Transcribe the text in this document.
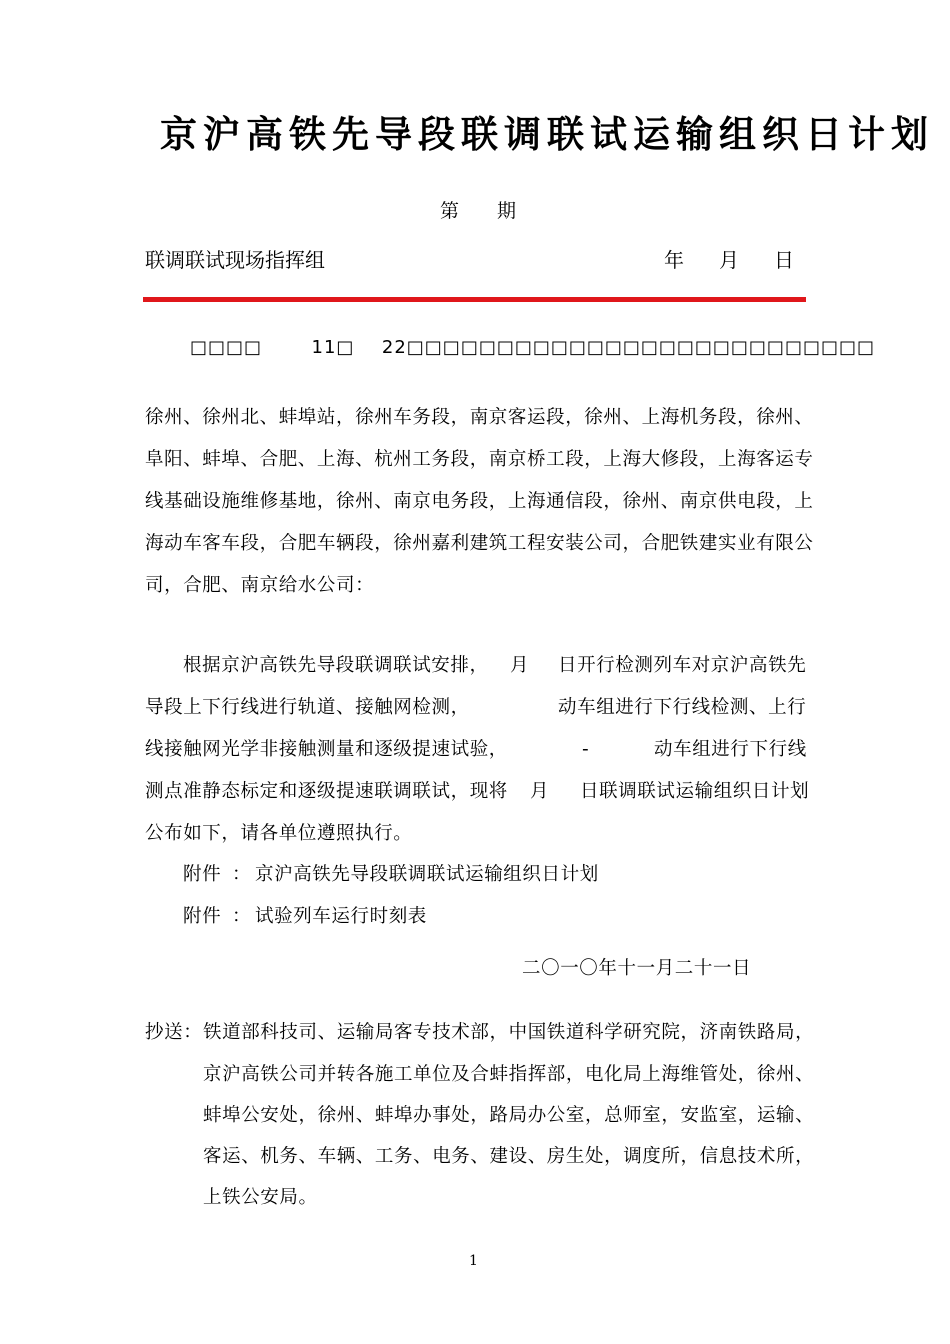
京沪高铁先导段联调联试运输组织日计划
第 期
联调联试现场指挥组	年 月 日
□□□□	11□ 22□□□□□□□□□□□□□□□□□□□□□□□□□□
徐州、徐州北、蚌埠站，徐州车务段，南京客运段，徐州、上海机务段，徐州、
阜阳、蚌埠、合肥、上海、杭州工务段，南京桥工段，上海大修段，上海客运专
线基础设施维修基地，徐州、南京电务段，上海通信段，徐州、南京供电段，上
海动车客车段，合肥车辆段，徐州嘉利建筑工程安装公司，合肥铁建实业有限公
司，合肥、南京给水公司：
根据京沪高铁先导段联调联试安排， 月 日开行检测列车对京沪高铁先
导段上下行线进行轨道、接触网检测，	动车组进行下行线检测、上行
线接触网光学非接触测量和逐级提速试验，	-	动车组进行下行线
测点准静态标定和逐级提速联调联试，现将 月 日联调联试运输组织日计划
公布如下，请各单位遵照执行。
附件 ： 京沪高铁先导段联调联试运输组织日计划
附件 ： 试验列车运行时刻表
二〇一〇年十一月二十一日
抄送： 铁道部科技司、运输局客专技术部，中国铁道科学研究院，济南铁路局，
京沪高铁公司并转各施工单位及合蚌指挥部，电化局上海维管处，徐州、
蚌埠公安处，徐州、蚌埠办事处，路局办公室，总师室，安监室，运输、
客运、机务、车辆、工务、电务、建设、房生处，调度所，信息技术所，
上铁公安局。
1
